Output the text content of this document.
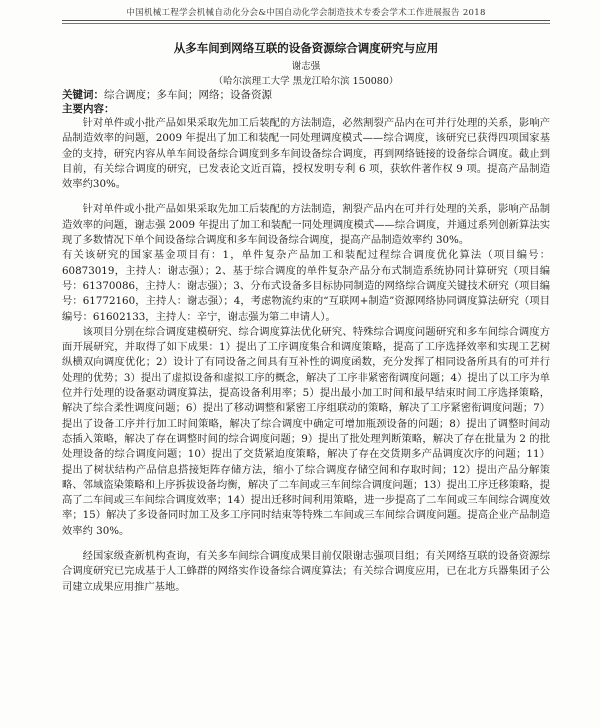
中国机械工程学会机械自动化分会&中国自动化学会制造技术专委会学术工作进展报告 2018
从多车间到网络互联的设备资源综合调度研究与应用
谢志强
（哈尔滨理工大学 黑龙江哈尔滨 150080）
关键词：综合调度；多车间；网络；设备资源
主要内容：

针对单件或小批产品如果采取先加工后装配的方法制造，必然割裂产品内在可并行处理的关系，影响产品制造效率的问题，2009 年提出了加工和装配一同处理调度模式——综合调度，该研究已获得四项国家基金的支持，研究内容从单车间设备综合调度到多车间设备综合调度，再到网络链接的设备综合调度。截止到目前，有关综合调度的研究，已发表论文近百篇，授权发明专利 6 项，获软件著作权 9 项。提高产品制造效率约30%。

针对单件或小批产品如果采取先加工后装配的方法制造，割裂产品内在可并行处理的关系，影响产品制造效率的问题，谢志强 2009 年提出了加工和装配一同处理调度模式——综合调度，并通过系列创新算法实现了多数情况下单个间设备综合调度和多车间设备综合调度，提高产品制造效率约 30%。

有关该研究的国家基金项目有：1，单件复杂产品加工和装配过程综合调度优化算法（项目编号：60873019，主持人：谢志强）；2、基于综合调度的单件复杂产品分布式制造系统协同计算研究（项目编号：61370086，主持人：谢志强）；3、分布式设备多目标协同制造的网络综合调度关键技术研究（项目编号：61772160，主持人：谢志强）；4，考虑物流约束的“互联网+制造”资源网络协同调度算法研究（项目编号：61602133，主持人：辛宁，谢志强为第二申请人）。

该项目分别在综合调度建模研究、综合调度算法优化研究、特殊综合调度问题研究和多车间综合调度方面开展研究，并取得了如下成果：1）提出了工序调度集合和调度策略，提高了工序选择效率和实现工艺树纵横双向调度优化；2）设计了有同设备之间具有互补性的调度函数，充分发挥了相同设备所具有的可并行处理的优势；3）提出了虚拟设备和虚拟工序的概念，解决了工序非紧密衔调度问题；4）提出了以工序为单位并行处理的设备驱动调度算法，提高设备利用率；5）提出最小加工时间和最早结束时间工序选择策略，解决了综合柔性调度问题；6）提出了移动调整和紧密工序组联动的策略，解决了工序紧密衔调度问题；7）提出了设备工序并行加工时间策略，解决了综合调度中确定可增加瓶颈设备的问题；8）提出了调整时间动态插入策略，解决了存在调整时间的综合调度问题；9）提出了批处理判断策略，解决了存在批量为 2 的批处理设备的综合调度问题；10）提出了交货紧迫度策略，解决了存在交货期多产品调度次序的问题；11）提出了树状结构产品信息搭接矩阵存储方法，缩小了综合调度存储空间和存取时间；12）提出产品分解策略、邻域盗染策略和上序拆拔设备均衡，解决了二车间或三车间综合调度问题；13）提出工序迁移策略，提高了二车间或三车间综合调度效率；14）提出迁移时间利用策略，进一步提高了二车间或三车间综合调度效率；15）解决了多设备同时加工及多工序同时结束等特殊二车间或三车间综合调度问题。提高企业产品制造效率约 30%。

经国家级查新机构查询，有关多车间综合调度成果目前仅限谢志强项目组；有关网络互联的设备资源综合调度研究已完成基于人工蜂群的网络实作设备综合调度算法；有关综合调度应用，已在北方兵器集团子公司建立成果应用推广基地。
